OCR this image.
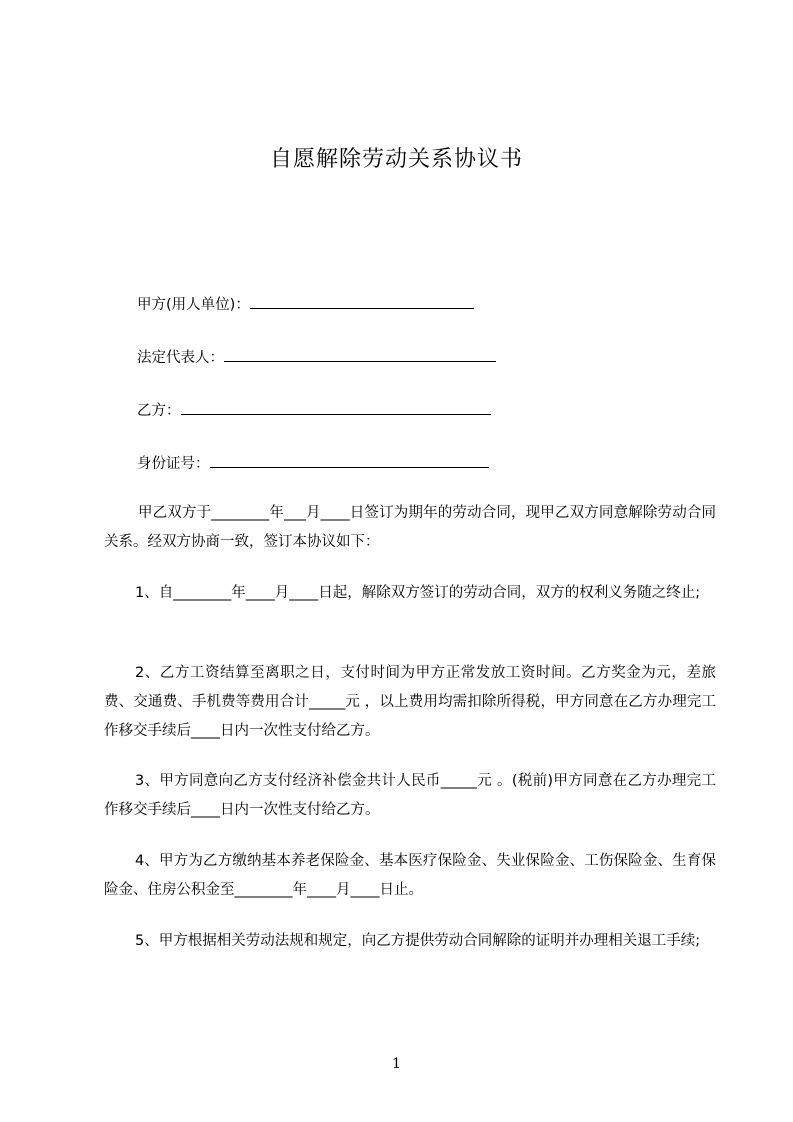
自愿解除劳动关系协议书
甲方(用人单位)：
法定代表人：
乙方：
身份证号：
甲乙双方于________年___月____日签订为期年的劳动合同，现甲乙双方同意解除劳动合同关系。经双方协商一致，签订本协议如下：
1、自________年____月____日起，解除双方签订的劳动合同，双方的权利义务随之终止;
2、乙方工资结算至离职之日，支付时间为甲方正常发放工资时间。乙方奖金为元，差旅费、交通费、手机费等费用合计_____元 ，以上费用均需扣除所得税，甲方同意在乙方办理完工作移交手续后____日内一次性支付给乙方。
3、甲方同意向乙方支付经济补偿金共计人民币_____元 。(税前)甲方同意在乙方办理完工作移交手续后____日内一次性支付给乙方。
4、甲方为乙方缴纳基本养老保险金、基本医疗保险金、失业保险金、工伤保险金、生育保险金、住房公积金至________年____月____日止。
5、甲方根据相关劳动法规和规定，向乙方提供劳动合同解除的证明并办理相关退工手续;
1
